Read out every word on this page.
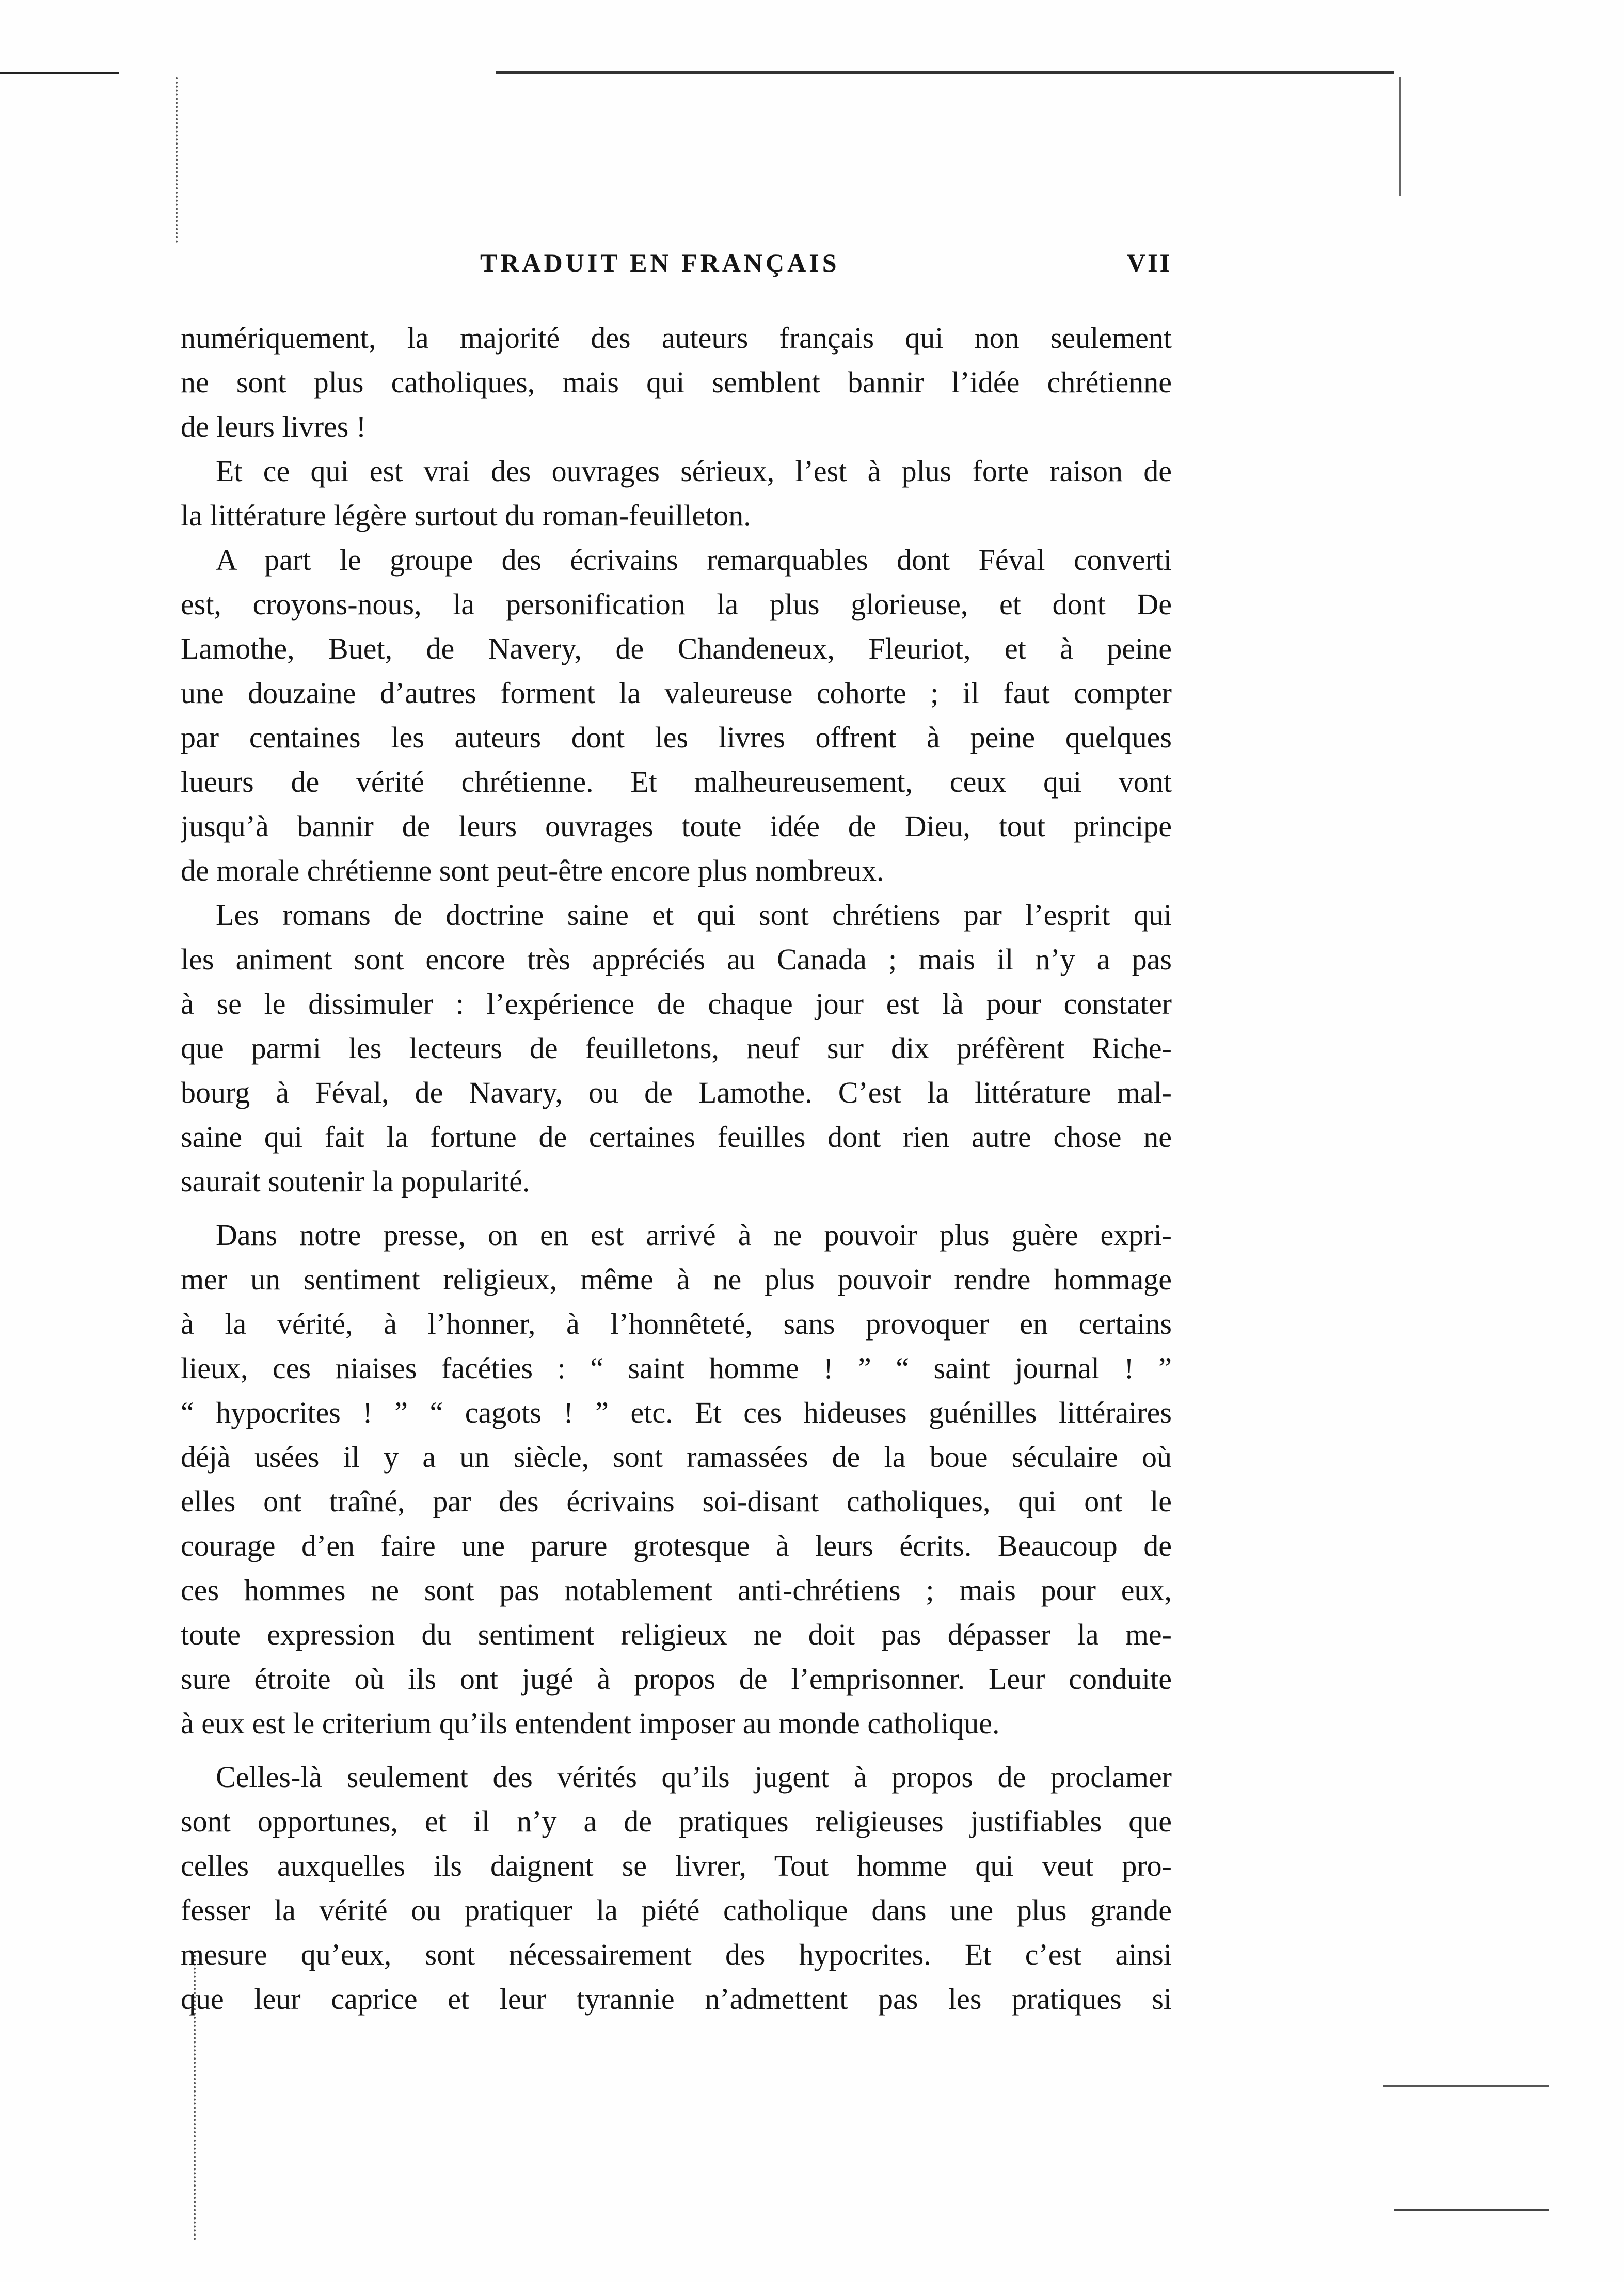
TRADUIT EN FRANÇAIS	VII
numériquement, la majorité des auteurs français qui non seulement
ne sont plus catholiques, mais qui semblent bannir l’idée chrétienne
de leurs livres !
Et ce qui est vrai des ouvrages sérieux, l’est à plus forte raison de
la littérature légère surtout du roman-feuilleton.
A part le groupe des écrivains remarquables dont Féval converti
est, croyons-nous, la personification la plus glorieuse, et dont De
Lamothe, Buet, de Navery, de Chandeneux, Fleuriot, et à peine
une douzaine d’autres forment la valeureuse cohorte ; il faut compter
par centaines les auteurs dont les livres offrent à peine quelques
lueurs de vérité chrétienne. Et malheureusement, ceux qui vont
jusqu’à bannir de leurs ouvrages toute idée de Dieu, tout principe
de morale chrétienne sont peut-être encore plus nombreux.
Les romans de doctrine saine et qui sont chrétiens par l’esprit qui
les animent sont encore très appréciés au Canada ; mais il n’y a pas
à se le dissimuler : l’expérience de chaque jour est là pour constater
que parmi les lecteurs de feuilletons, neuf sur dix préfèrent Riche-
bourg à Féval, de Navary, ou de Lamothe. C’est la littérature mal-
saine qui fait la fortune de certaines feuilles dont rien autre chose ne
saurait soutenir la popularité.
Dans notre presse, on en est arrivé à ne pouvoir plus guère expri-
mer un sentiment religieux, même à ne plus pouvoir rendre hommage
à la vérité, à l’honner, à l’honnêteté, sans provoquer en certains
lieux, ces niaises facéties : “ saint homme ! ” “ saint journal ! ”
“ hypocrites ! ” “ cagots ! ” etc. Et ces hideuses guénilles littéraires
déjà usées il y a un siècle, sont ramassées de la boue séculaire où
elles ont traîné, par des écrivains soi-disant catholiques, qui ont le
courage d’en faire une parure grotesque à leurs écrits. Beaucoup de
ces hommes ne sont pas notablement anti-chrétiens ; mais pour eux,
toute expression du sentiment religieux ne doit pas dépasser la me-
sure étroite où ils ont jugé à propos de l’emprisonner. Leur conduite
à eux est le criterium qu’ils entendent imposer au monde catholique.
Celles-là seulement des vérités qu’ils jugent à propos de proclamer
sont opportunes, et il n’y a de pratiques religieuses justifiables que
celles auxquelles ils daignent se livrer, Tout homme qui veut pro-
fesser la vérité ou pratiquer la piété catholique dans une plus grande
mesure qu’eux, sont nécessairement des hypocrites. Et c’est ainsi
que leur caprice et leur tyrannie n’admettent pas les pratiques si
